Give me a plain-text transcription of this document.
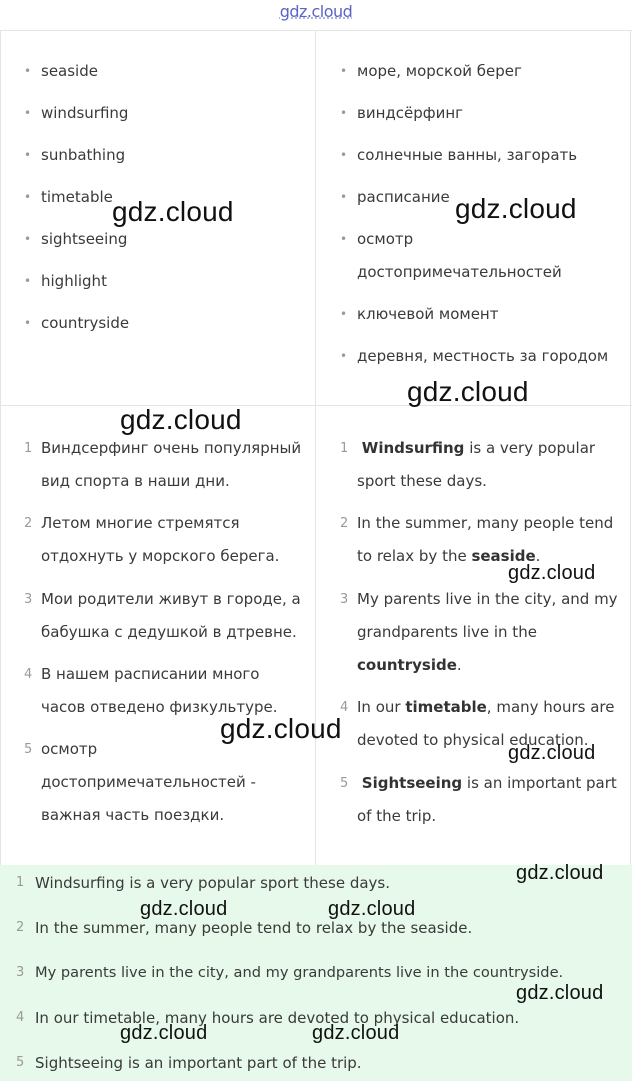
gdz.cloud
• seaside
• windsurfing
• sunbathing
• timetable
• sightseeing
• highlight
• countryside
• море, морской берег
• виндсёрфинг
• солнечные ванны, загорать
• расписание
• осмотр
достопримечательностей
• ключевой момент
• деревня, местность за городом
1 Виндсерфинг очень популярный
вид спорта в наши дни.
2 Летом многие стремятся
отдохнуть у морского берега.
3 Мои родители живут в городе, а
бабушка с дедушкой в дтревне.
4 В нашем расписании много
часов отведено физкультуре.
5 осмотр
достопримечательностей -
важная часть поездки.
1 Windsurfing is a very popular
sport these days.
2 In the summer, many people tend
to relax by the seaside.
3 My parents live in the city, and my
grandparents live in the
countryside.
4 In our timetable, many hours are
devoted to physical education.
5 Sightseeing is an important part
of the trip.
1 Windsurfing is a very popular sport these days.
2 In the summer, many people tend to relax by the seaside.
3 My parents live in the city, and my grandparents live in the countryside.
4 In our timetable, many hours are devoted to physical education.
5 Sightseeing is an important part of the trip.
gdz.cloud	gdz.cloud
gdz.cloud
gdz.cloud
gdz.cloud
gdz.cloud
gdz.cloud
gdz.cloud
gdz.cloud	gdz.cloud
gdz.cloud
gdz.cloud	gdz.cloud
